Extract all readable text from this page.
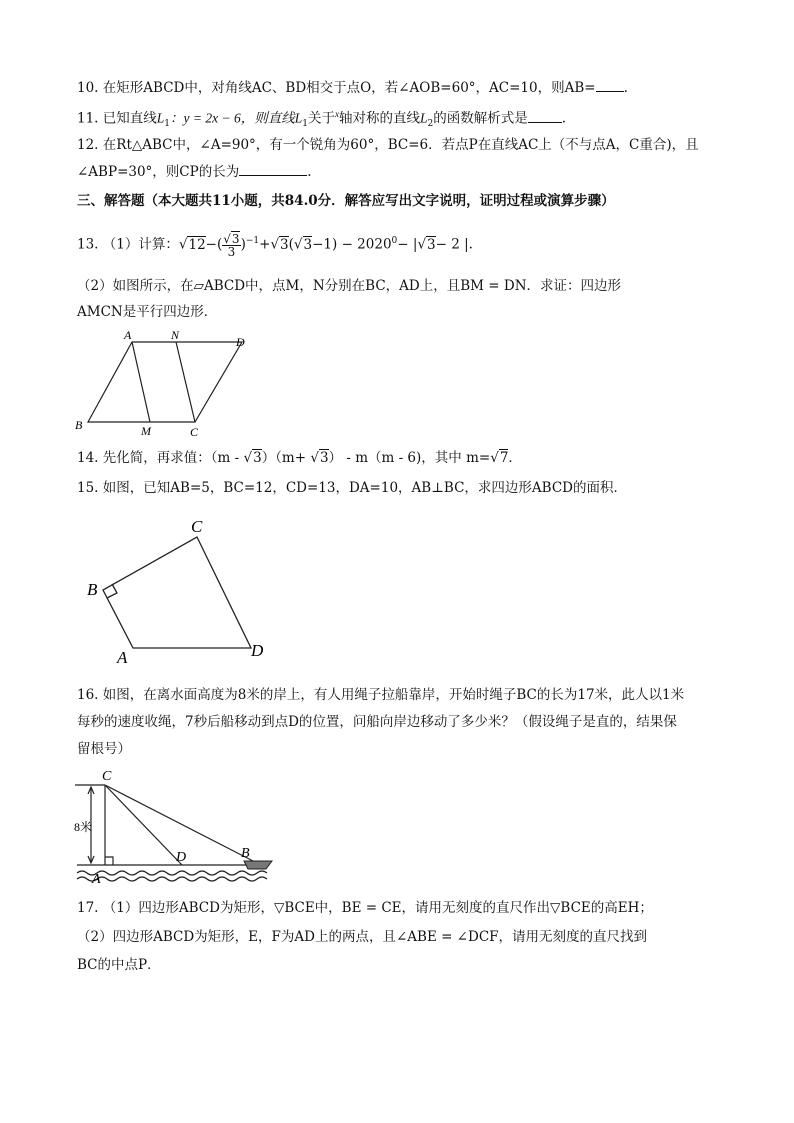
10. 在矩形ABCD中，对角线AC、BD相交于点O，若∠AOB=60°，AC=10，则AB= .
11. 已知直线$L_1$：y = 2x − 6，则直线$L_1$关于$^x$轴对称的直线$L_2$的函数解析式是	.
12. 在Rt△ABC中，∠A=90°，有一个锐角为60°，BC=6．若点P在直线AC上（不与点A，C重合)，且
∠ABP=30°，则CP的长为	.
三、解答题（本大题共11小题，共84.0分．解答应写出文字说明，证明过程或演算步骤）
13. （1）计算：$√12-( \frac{√3}{3} )^{-1}+√3(√3-1) - 2020^0- |√3- 2$ |.
（2）如图所示，在▱ABCD中，点M，N分别在BC，AD上，且BM = DN．求证：四边形
AMCN是平行四边形．
A	N	D
B	M	C
14. 先化简，再求值：（m - √3）（m+ √3） - m（m - 6)，其中 m=√7．
15. 如图，已知AB=5，BC=12，CD=13，DA=10，AB⊥BC，求四边形ABCD的面积．
C
B
A	D
16. 如图，在离水面高度为8米的岸上，有人用绳子拉船靠岸，开始时绳子BC的长为17米，此人以1米
每秒的速度收绳，7秒后船移动到点D的位置，问船向岸边移动了多少米？（假设绳子是直的，结果保
留根号）
C
A
D	B
8米
17. （1）四边形ABCD为矩形，▽BCE中，BE = CE，请用无刻度的直尺作出▽BCE的高EH；
（2）四边形ABCD为矩形，E，F为AD上的两点，且∠ABE = ∠DCF，请用无刻度的直尺找到
BC的中点P．
